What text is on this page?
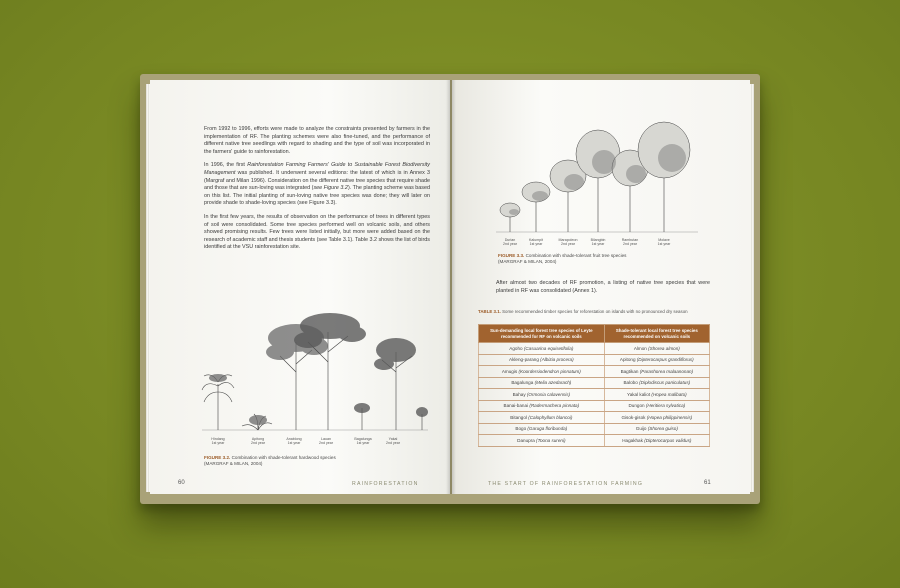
From 1992 to 1996, efforts were made to analyze the constraints presented by farmers in the implementation of RF. The planting schemes were also fine-tuned, and the performance of different native tree seedlings with regard to shading and the type of soil was incorporated in the farmers' guide to rainforestation.

In 1996, the first Rainforestation Farming Farmers' Guide to Sustainable Forest Biodiversity Management was published. It underwent several editions: the latest of which is in Annex 3 (Margraf and Milan 1996). Consideration on the different native tree species that require shade and those that are sun-loving was integrated (see Figure 3.2). The planting scheme was based on this list. The initial planting of sun-loving native tree species was done; they will later on provide shade to shade-loving species (see Figure 3.3).

In the first few years, the results of observation on the performance of trees in different types of soil were consolidated. Some tree species performed well on volcanic soils, and others showed promising results. Few trees were listed initially, but more were added based on the research of academic staff and thesis students (see Table 3.1). Table 3.2 shows the list of birds identified at the VSU rainforestation site.

Hindang
1st year
Apitong
2nd year
Anablong
1st year
Lauan
2nd year
Bagalunga
1st year
Yakal
2nd year
FIGURE 3.2. Combination with shade-tolerant hardwood species
(MARGRAF & MILAN, 2004)
60	RAINFORESTATION
Durian
2nd year
Kalumpit
1st year
Marapoleon
2nd year
Bilangbin
1st year
Rambutan
2nd year
Molave
1st year
FIGURE 3.3. Combination with shade-tolerant fruit tree species
(MARGRAF & MILAN, 2004)
After almost two decades of RF promotion, a listing of native tree species that were planted in RF was consolidated (Annex 1).
TABLE 3.1. Some recommended timber species for reforestation on islands with no pronounced dry season
Sun-demanding local forest tree species of Leyte recommended for RF on volcanic soils	Shade-tolerant local forest tree species recommended on volcanic soils
Agoho (Casuarina equisetifolia)	Almon (Shorea almon)
Akleng-parang (Albizia procera)	Apitong (Dipterocarpus grandiflorus)
Amugis (Koordersiodendron pinnatum)	Bagtikan (Parashorea malaanonan)
Bagalunga (Melia azedarach)	Balobo (Diplodiscus paniculatus)
Bahay (Ormosia calavensis)	Yakal kaliot (Hopea malibato)
Banai-banai (Radermachera pinnata)	Dungon (Heritiera sylvatica)
Bitangol (Calophyllum blancoi)	Gisok-gisok (Hopea philippinensis)
Bogo (Garuga floribunda)	Guijo (Shorea guiso)
Danupra (Toona sureni)	Hagakhak (Dipterocarpus validus)
THE START OF RAINFORESTATION FARMING	61
